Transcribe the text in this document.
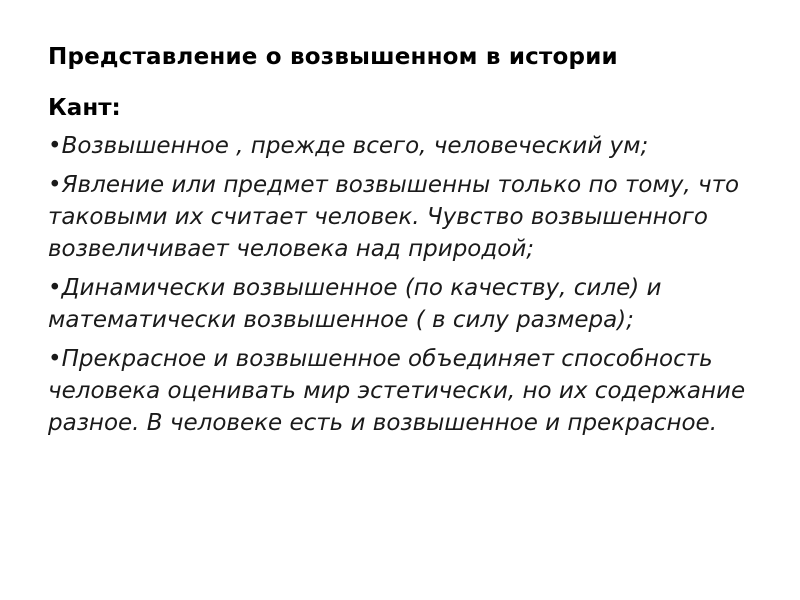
Представление о возвышенном в истории
Кант:
•Возвышенное , прежде всего, человеческий ум;
•Явление или предмет возвышенны только по тому, что таковыми их считает человек. Чувство возвышенного возвеличивает человека над природой;
•Динамически возвышенное (по качеству, силе) и математически возвышенное ( в силу размера);
•Прекрасное и возвышенное объединяет способность человека оценивать мир эстетически, но их содержание разное. В человеке есть и возвышенное и прекрасное.
